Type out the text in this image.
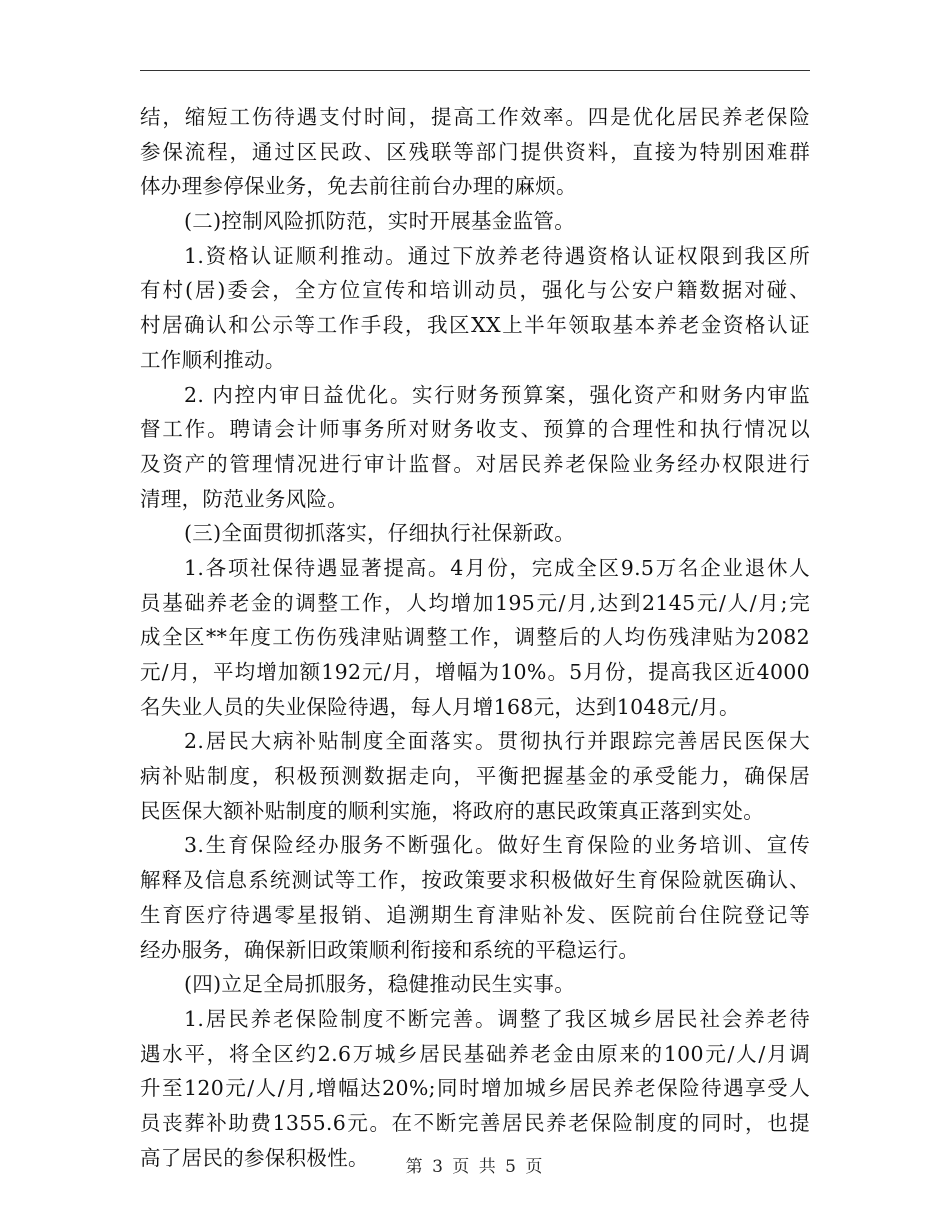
结，缩短工伤待遇支付时间，提高工作效率。四是优化居民养老保险
参保流程，通过区民政、区残联等部门提供资料，直接为特别困难群
体办理参停保业务，免去前往前台办理的麻烦。
(二)控制风险抓防范，实时开展基金监管。
1.资格认证顺利推动。通过下放养老待遇资格认证权限到我区所
有村(居)委会，全方位宣传和培训动员，强化与公安户籍数据对碰、
村居确认和公示等工作手段，我区XX上半年领取基本养老金资格认证
工作顺利推动。
2. 内控内审日益优化。实行财务预算案，强化资产和财务内审监
督工作。聘请会计师事务所对财务收支、预算的合理性和执行情况以
及资产的管理情况进行审计监督。对居民养老保险业务经办权限进行
清理，防范业务风险。
(三)全面贯彻抓落实，仔细执行社保新政。
1.各项社保待遇显著提高。4月份，完成全区9.5万名企业退休人
员基础养老金的调整工作，人均增加195元/月,达到2145元/人/月;完
成全区**年度工伤伤残津贴调整工作，调整后的人均伤残津贴为2082
元/月，平均增加额192元/月，增幅为10%。5月份，提高我区近4000
名失业人员的失业保险待遇，每人月增168元，达到1048元/月。
2.居民大病补贴制度全面落实。贯彻执行并跟踪完善居民医保大
病补贴制度，积极预测数据走向，平衡把握基金的承受能力，确保居
民医保大额补贴制度的顺利实施，将政府的惠民政策真正落到实处。
3.生育保险经办服务不断强化。做好生育保险的业务培训、宣传
解释及信息系统测试等工作，按政策要求积极做好生育保险就医确认、
生育医疗待遇零星报销、追溯期生育津贴补发、医院前台住院登记等
经办服务，确保新旧政策顺利衔接和系统的平稳运行。
(四)立足全局抓服务，稳健推动民生实事。
1.居民养老保险制度不断完善。调整了我区城乡居民社会养老待
遇水平，将全区约2.6万城乡居民基础养老金由原来的100元/人/月调
升至120元/人/月,增幅达20%;同时增加城乡居民养老保险待遇享受人
员丧葬补助费1355.6元。在不断完善居民养老保险制度的同时，也提
高了居民的参保积极性。	第 3 页 共 5 页
